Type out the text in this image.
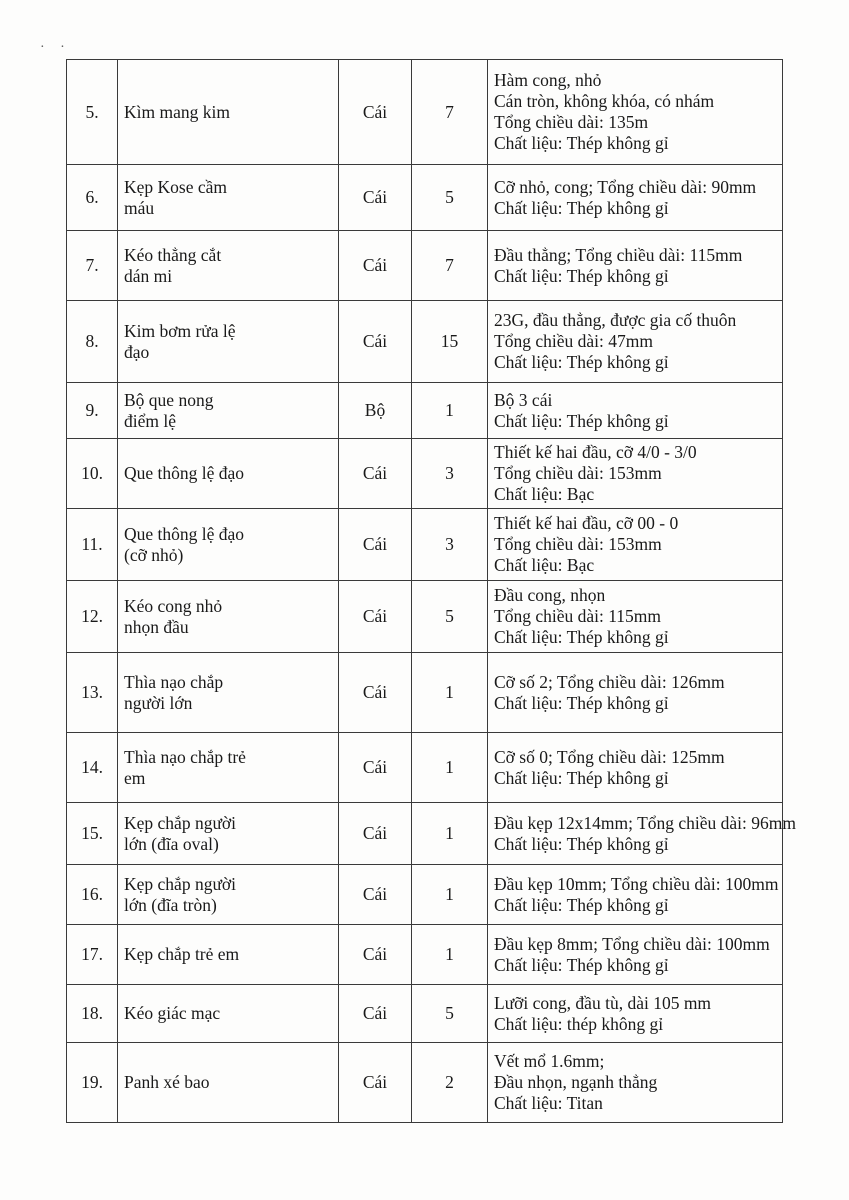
· ·
5.	Kìm mang kim	Cái	7	Hàm cong, nhỏ
Cán tròn, không khóa, có nhám
Tổng chiều dài: 135m
Chất liệu: Thép không gỉ

6.	Kẹp Kose cầm
máu	Cái	5	Cỡ nhỏ, cong; Tổng chiều dài: 90mm
Chất liệu: Thép không gỉ

7.	Kéo thẳng cắt
dán mi	Cái	7	Đầu thẳng; Tổng chiều dài: 115mm
Chất liệu: Thép không gỉ

8.	Kim bơm rửa lệ
đạo	Cái	15	23G, đầu thẳng, được gia cố thuôn
Tổng chiều dài: 47mm
Chất liệu: Thép không gỉ

9.	Bộ que nong
điểm lệ	Bộ	1	Bộ 3 cái
Chất liệu: Thép không gỉ

10.	Que thông lệ đạo	Cái	3	Thiết kế hai đầu, cỡ 4/0 - 3/0
Tổng chiều dài: 153mm
Chất liệu: Bạc

11.	Que thông lệ đạo
(cỡ nhỏ)	Cái	3	Thiết kế hai đầu, cỡ 00 - 0
Tổng chiều dài: 153mm
Chất liệu: Bạc

12.	Kéo cong nhỏ
nhọn đầu	Cái	5	Đầu cong, nhọn
Tổng chiều dài: 115mm
Chất liệu: Thép không gỉ

13.	Thìa nạo chắp
người lớn	Cái	1	Cỡ số 2; Tổng chiều dài: 126mm
Chất liệu: Thép không gỉ

14.	Thìa nạo chắp trẻ
em	Cái	1	Cỡ số 0; Tổng chiều dài: 125mm
Chất liệu: Thép không gỉ

15.	Kẹp chắp người
lớn (đĩa oval)	Cái	1	Đầu kẹp 12x14mm; Tổng chiều dài: 96mm
Chất liệu: Thép không gỉ

16.	Kẹp chắp người
lớn (đĩa tròn)	Cái	1	Đầu kẹp 10mm; Tổng chiều dài: 100mm
Chất liệu: Thép không gỉ

17.	Kẹp chắp trẻ em	Cái	1	Đầu kẹp 8mm; Tổng chiều dài: 100mm
Chất liệu: Thép không gỉ

18.	Kéo giác mạc	Cái	5	Lưỡi cong, đầu tù, dài 105 mm
Chất liệu: thép không gỉ

19.	Panh xé bao	Cái	2	Vết mổ 1.6mm;
Đầu nhọn, ngạnh thẳng
Chất liệu: Titan
